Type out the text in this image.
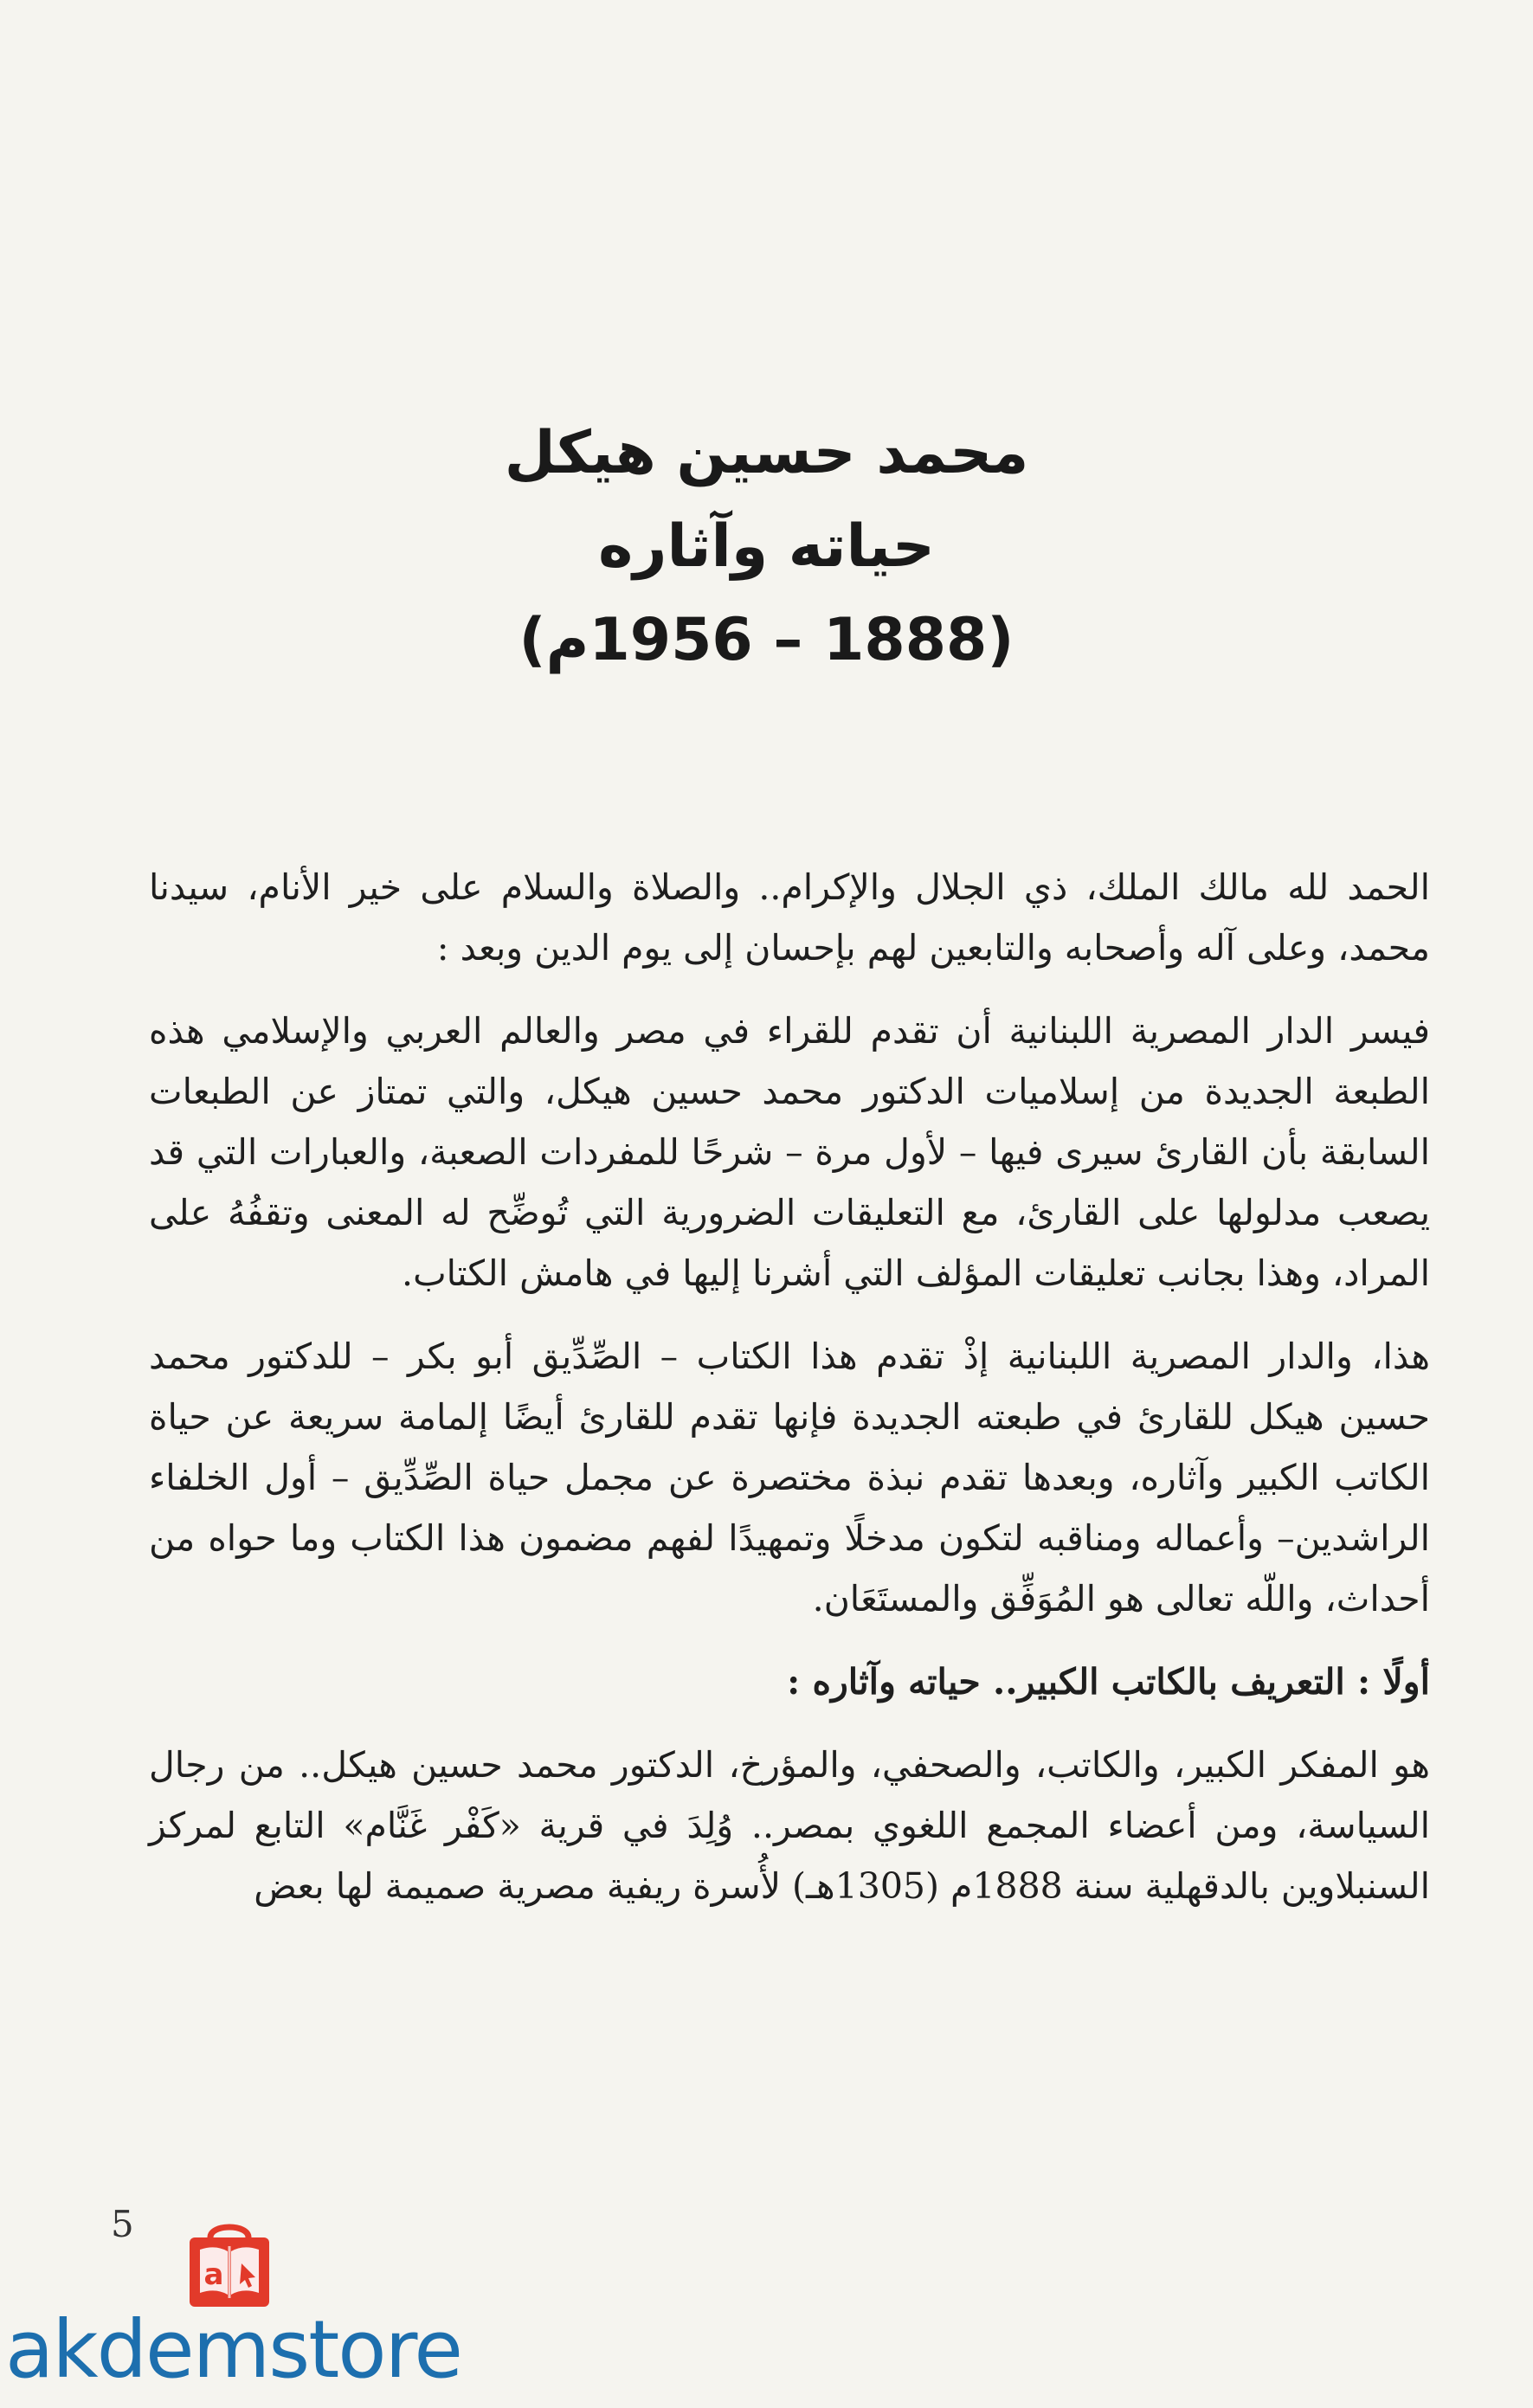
محمد حسين هيكل
حياته وآثاره
(1888 – 1956م)

الحمد لله مالك الملك، ذي الجلال والإكرام.. والصلاة والسلام على خير الأنام، سيدنا محمد، وعلى آله وأصحابه والتابعين لهم بإحسان إلى يوم الدين وبعد :

فيسر الدار المصرية اللبنانية أن تقدم للقراء في مصر والعالم العربي والإسلامي هذه الطبعة الجديدة من إسلاميات الدكتور محمد حسين هيكل، والتي تمتاز عن الطبعات السابقة بأن القارئ سيرى فيها – لأول مرة – شرحًا للمفردات الصعبة، والعبارات التي قد يصعب مدلولها على القارئ، مع التعليقات الضرورية التي تُوضِّح له المعنى وتقفُهُ على المراد، وهذا بجانب تعليقات المؤلف التي أشرنا إليها في هامش الكتاب.

هذا، والدار المصرية اللبنانية إذْ تقدم هذا الكتاب – الصِّدِّيق أبو بكر – للدكتور محمد حسين هيكل للقارئ في طبعته الجديدة فإنها تقدم للقارئ أيضًا إلمامة سريعة عن حياة الكاتب الكبير وآثاره، وبعدها تقدم نبذة مختصرة عن مجمل حياة الصِّدِّيق – أول الخلفاء الراشدين– وأعماله ومناقبه لتكون مدخلًا وتمهيدًا لفهم مضمون هذا الكتاب وما حواه من أحداث، واللّه تعالى هو المُوَفِّق والمستَعَان.

أولًا : التعريف بالكاتب الكبير.. حياته وآثاره :

هو المفكر الكبير، والكاتب، والصحفي، والمؤرخ، الدكتور محمد حسين هيكل.. من رجال السياسة، ومن أعضاء المجمع اللغوي بمصر.. وُلِدَ في قرية «كَفْر غَنَّام» التابع لمركز السنبلاوين بالدقهلية سنة 1888م (1305هـ) لأُسرة ريفية مصرية صميمة لها بعض

5
a
akdemstore
